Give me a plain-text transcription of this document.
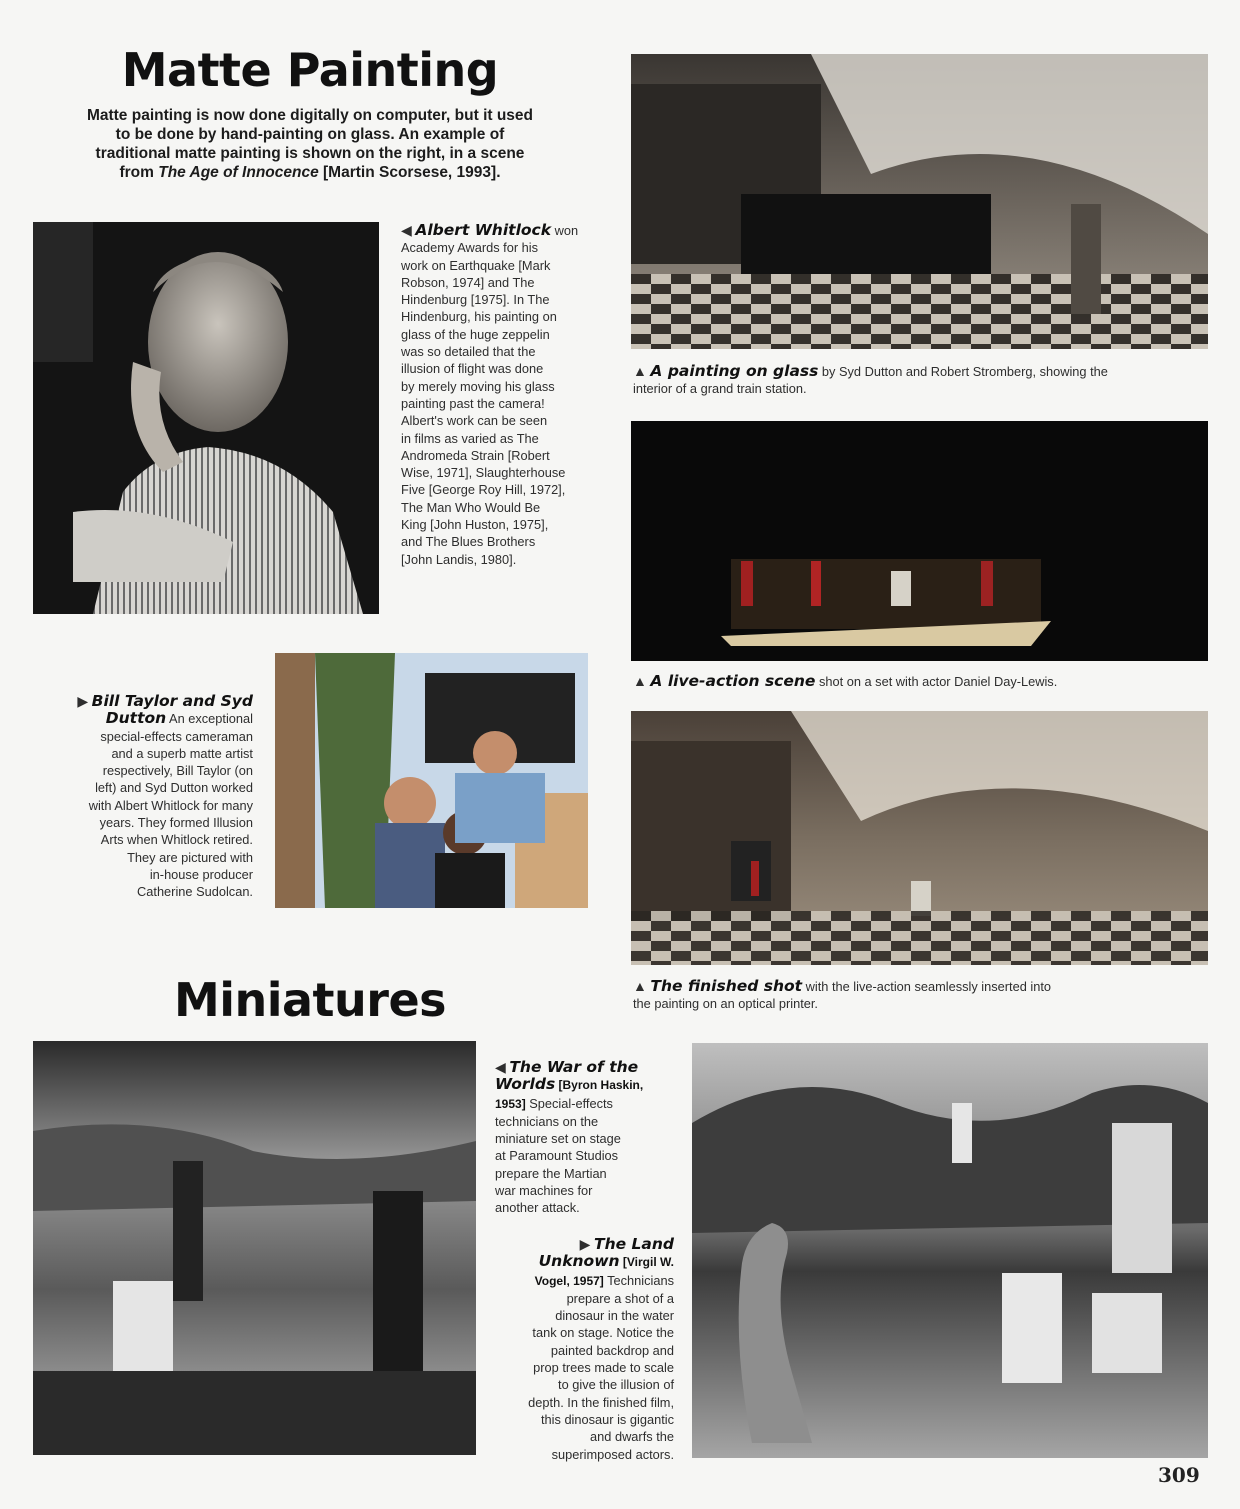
Matte Painting
Miniatures
Matte painting is now done digitally on computer, but it used
to be done by hand-painting on glass. An example of
traditional matte painting is shown on the right, in a scene
from The Age of Innocence [Martin Scorsese, 1993].
◀ Albert Whitlock won
Academy Awards for his
work on Earthquake [Mark
Robson, 1974] and The
Hindenburg [1975]. In The
Hindenburg, his painting on
glass of the huge zeppelin
was so detailed that the
illusion of flight was done
by merely moving his glass
painting past the camera!
Albert's work can be seen
in films as varied as The
Andromeda Strain [Robert
Wise, 1971], Slaughterhouse
Five [George Roy Hill, 1972],
The Man Who Would Be
King [John Huston, 1975],
and The Blues Brothers
[John Landis, 1980].
▲ A painting on glass by Syd Dutton and Robert Stromberg, showing the
interior of a grand train station.
▲ A live-action scene shot on a set with actor Daniel Day-Lewis.
▲ The finished shot with the live-action seamlessly inserted into
the painting on an optical printer.
▶ Bill Taylor and Syd
Dutton An exceptional
special-effects cameraman
and a superb matte artist
respectively, Bill Taylor (on
left) and Syd Dutton worked
with Albert Whitlock for many
years. They formed Illusion
Arts when Whitlock retired.
They are pictured with
in-house producer
Catherine Sudolcan.
◀ The War of the
Worlds [Byron Haskin,
1953] Special-effects
technicians on the
miniature set on stage
at Paramount Studios
prepare the Martian
war machines for
another attack.
▶ The Land
Unknown [Virgil W.
Vogel, 1957] Technicians
prepare a shot of a
dinosaur in the water
tank on stage. Notice the
painted backdrop and
prop trees made to scale
to give the illusion of
depth. In the finished film,
this dinosaur is gigantic
and dwarfs the
superimposed actors.
309
